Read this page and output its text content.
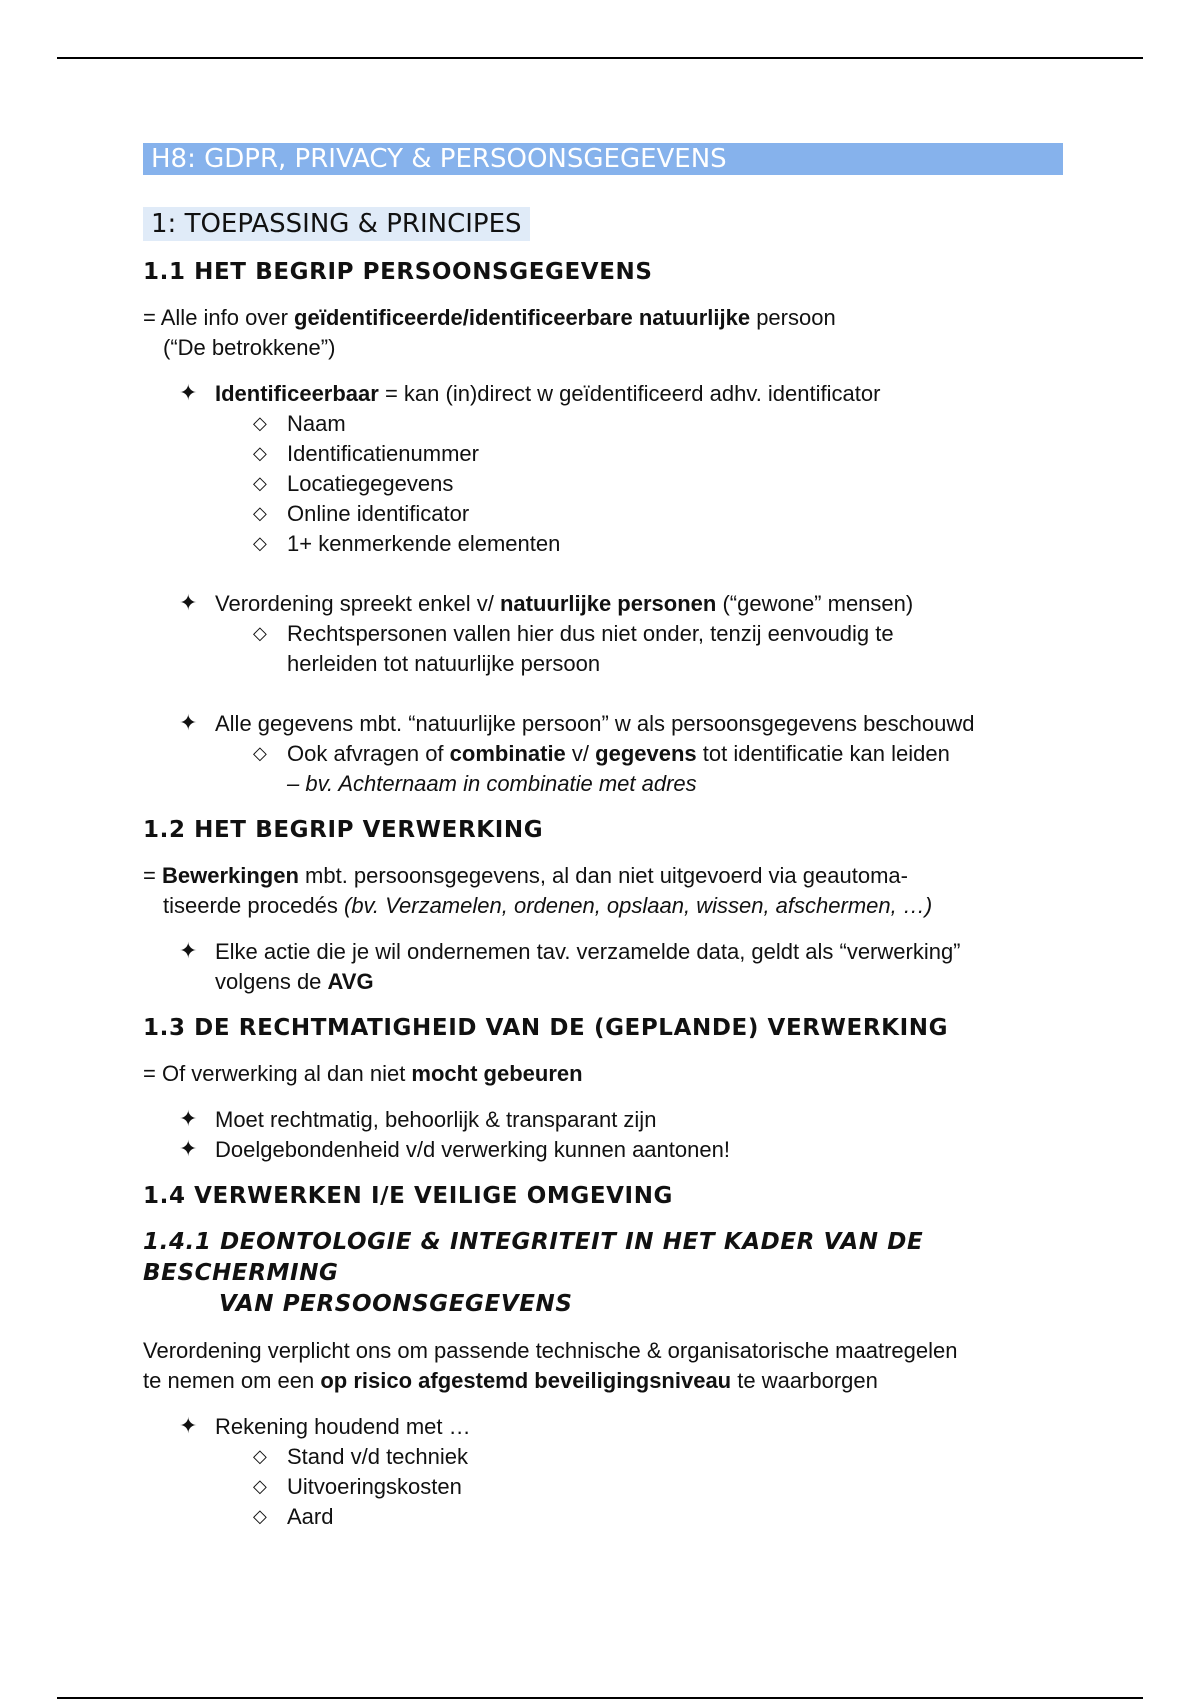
H8: GDPR, PRIVACY & PERSOONSGEGEVENS
1: TOEPASSING & PRINCIPES
1.1 HET BEGRIP PERSOONSGEGEVENS
= Alle info over geïdentificeerde/identificeerbare natuurlijke persoon
(“De betrokkene”)
✦ Identificeerbaar = kan (in)direct w geïdentificeerd adhv. identificator
◇ Naam
◇ Identificatienummer
◇ Locatiegegevens
◇ Online identificator
◇ 1+ kenmerkende elementen
✦ Verordening spreekt enkel v/ natuurlijke personen (“gewone” mensen)
◇ Rechtspersonen vallen hier dus niet onder, tenzij eenvoudig te
herleiden tot natuurlijke persoon
✦ Alle gegevens mbt. “natuurlijke persoon” w als persoonsgegevens beschouwd
◇ Ook afvragen of combinatie v/ gegevens tot identificatie kan leiden
– bv. Achternaam in combinatie met adres
1.2 HET BEGRIP VERWERKING
= Bewerkingen mbt. persoonsgegevens, al dan niet uitgevoerd via geautoma-
tiseerde procedés (bv. Verzamelen, ordenen, opslaan, wissen, afschermen, …)
✦ Elke actie die je wil ondernemen tav. verzamelde data, geldt als “verwerking”
volgens de AVG
1.3 DE RECHTMATIGHEID VAN DE (GEPLANDE) VERWERKING
= Of verwerking al dan niet mocht gebeuren
✦ Moet rechtmatig, behoorlijk & transparant zijn
✦ Doelgebondenheid v/d verwerking kunnen aantonen!
1.4 VERWERKEN I/E VEILIGE OMGEVING
1.4.1 DEONTOLOGIE & INTEGRITEIT IN HET KADER VAN DE
BESCHERMING
VAN PERSOONSGEGEVENS
Verordening verplicht ons om passende technische & organisatorische maatregelen
te nemen om een op risico afgestemd beveiligingsniveau te waarborgen
✦ Rekening houdend met …
◇ Stand v/d techniek
◇ Uitvoeringskosten
◇ Aard
